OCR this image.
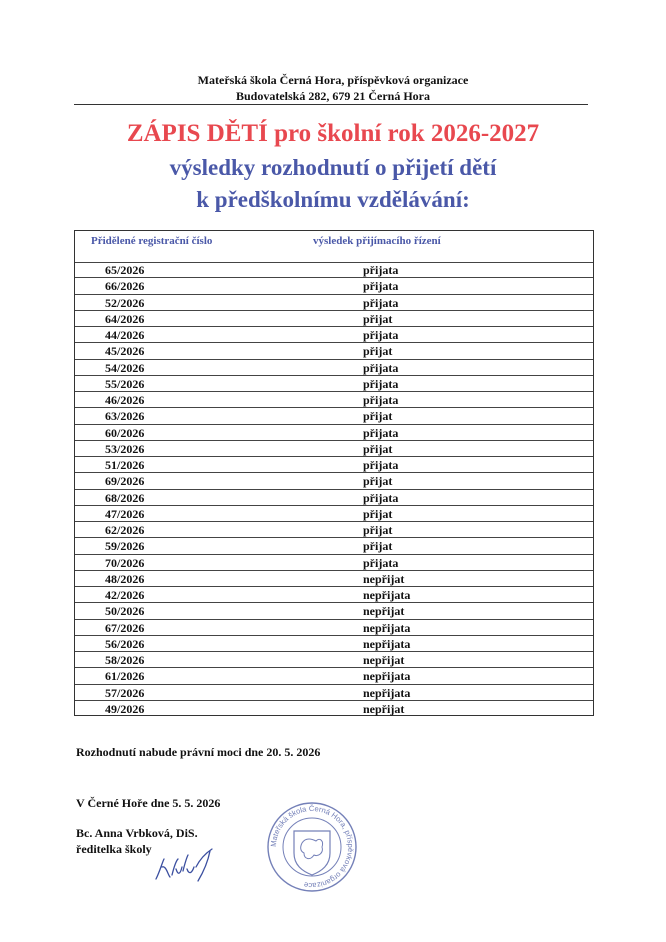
Mateřská škola Černá Hora, příspěvková organizace
Budovatelská 282, 679 21 Černá Hora
ZÁPIS DĚTÍ pro školní rok 2026-2027
výsledky rozhodnutí o přijetí dětí
k předškolnímu vzdělávání:
Přidělené registrační číslo	výsledek přijímacího řízení
65/2026	přijata
66/2026	přijata
52/2026	přijata
64/2026	přijat
44/2026	přijata
45/2026	přijat
54/2026	přijata
55/2026	přijata
46/2026	přijata
63/2026	přijat
60/2026	přijata
53/2026	přijat
51/2026	přijata
69/2026	přijat
68/2026	přijata
47/2026	přijat
62/2026	přijat
59/2026	přijat
70/2026	přijata
48/2026	nepřijat
42/2026	nepřijata
50/2026	nepřijat
67/2026	nepřijata
56/2026	nepřijata
58/2026	nepřijat
61/2026	nepřijata
57/2026	nepřijata
49/2026	nepřijat
Rozhodnutí nabude právní moci dne 20. 5. 2026
V Černé Hoře dne 5. 5. 2026
Bc. Anna Vrbková, DiS.
ředitelka školy	Mateřská škola Černá Hora, příspěvková organizace
